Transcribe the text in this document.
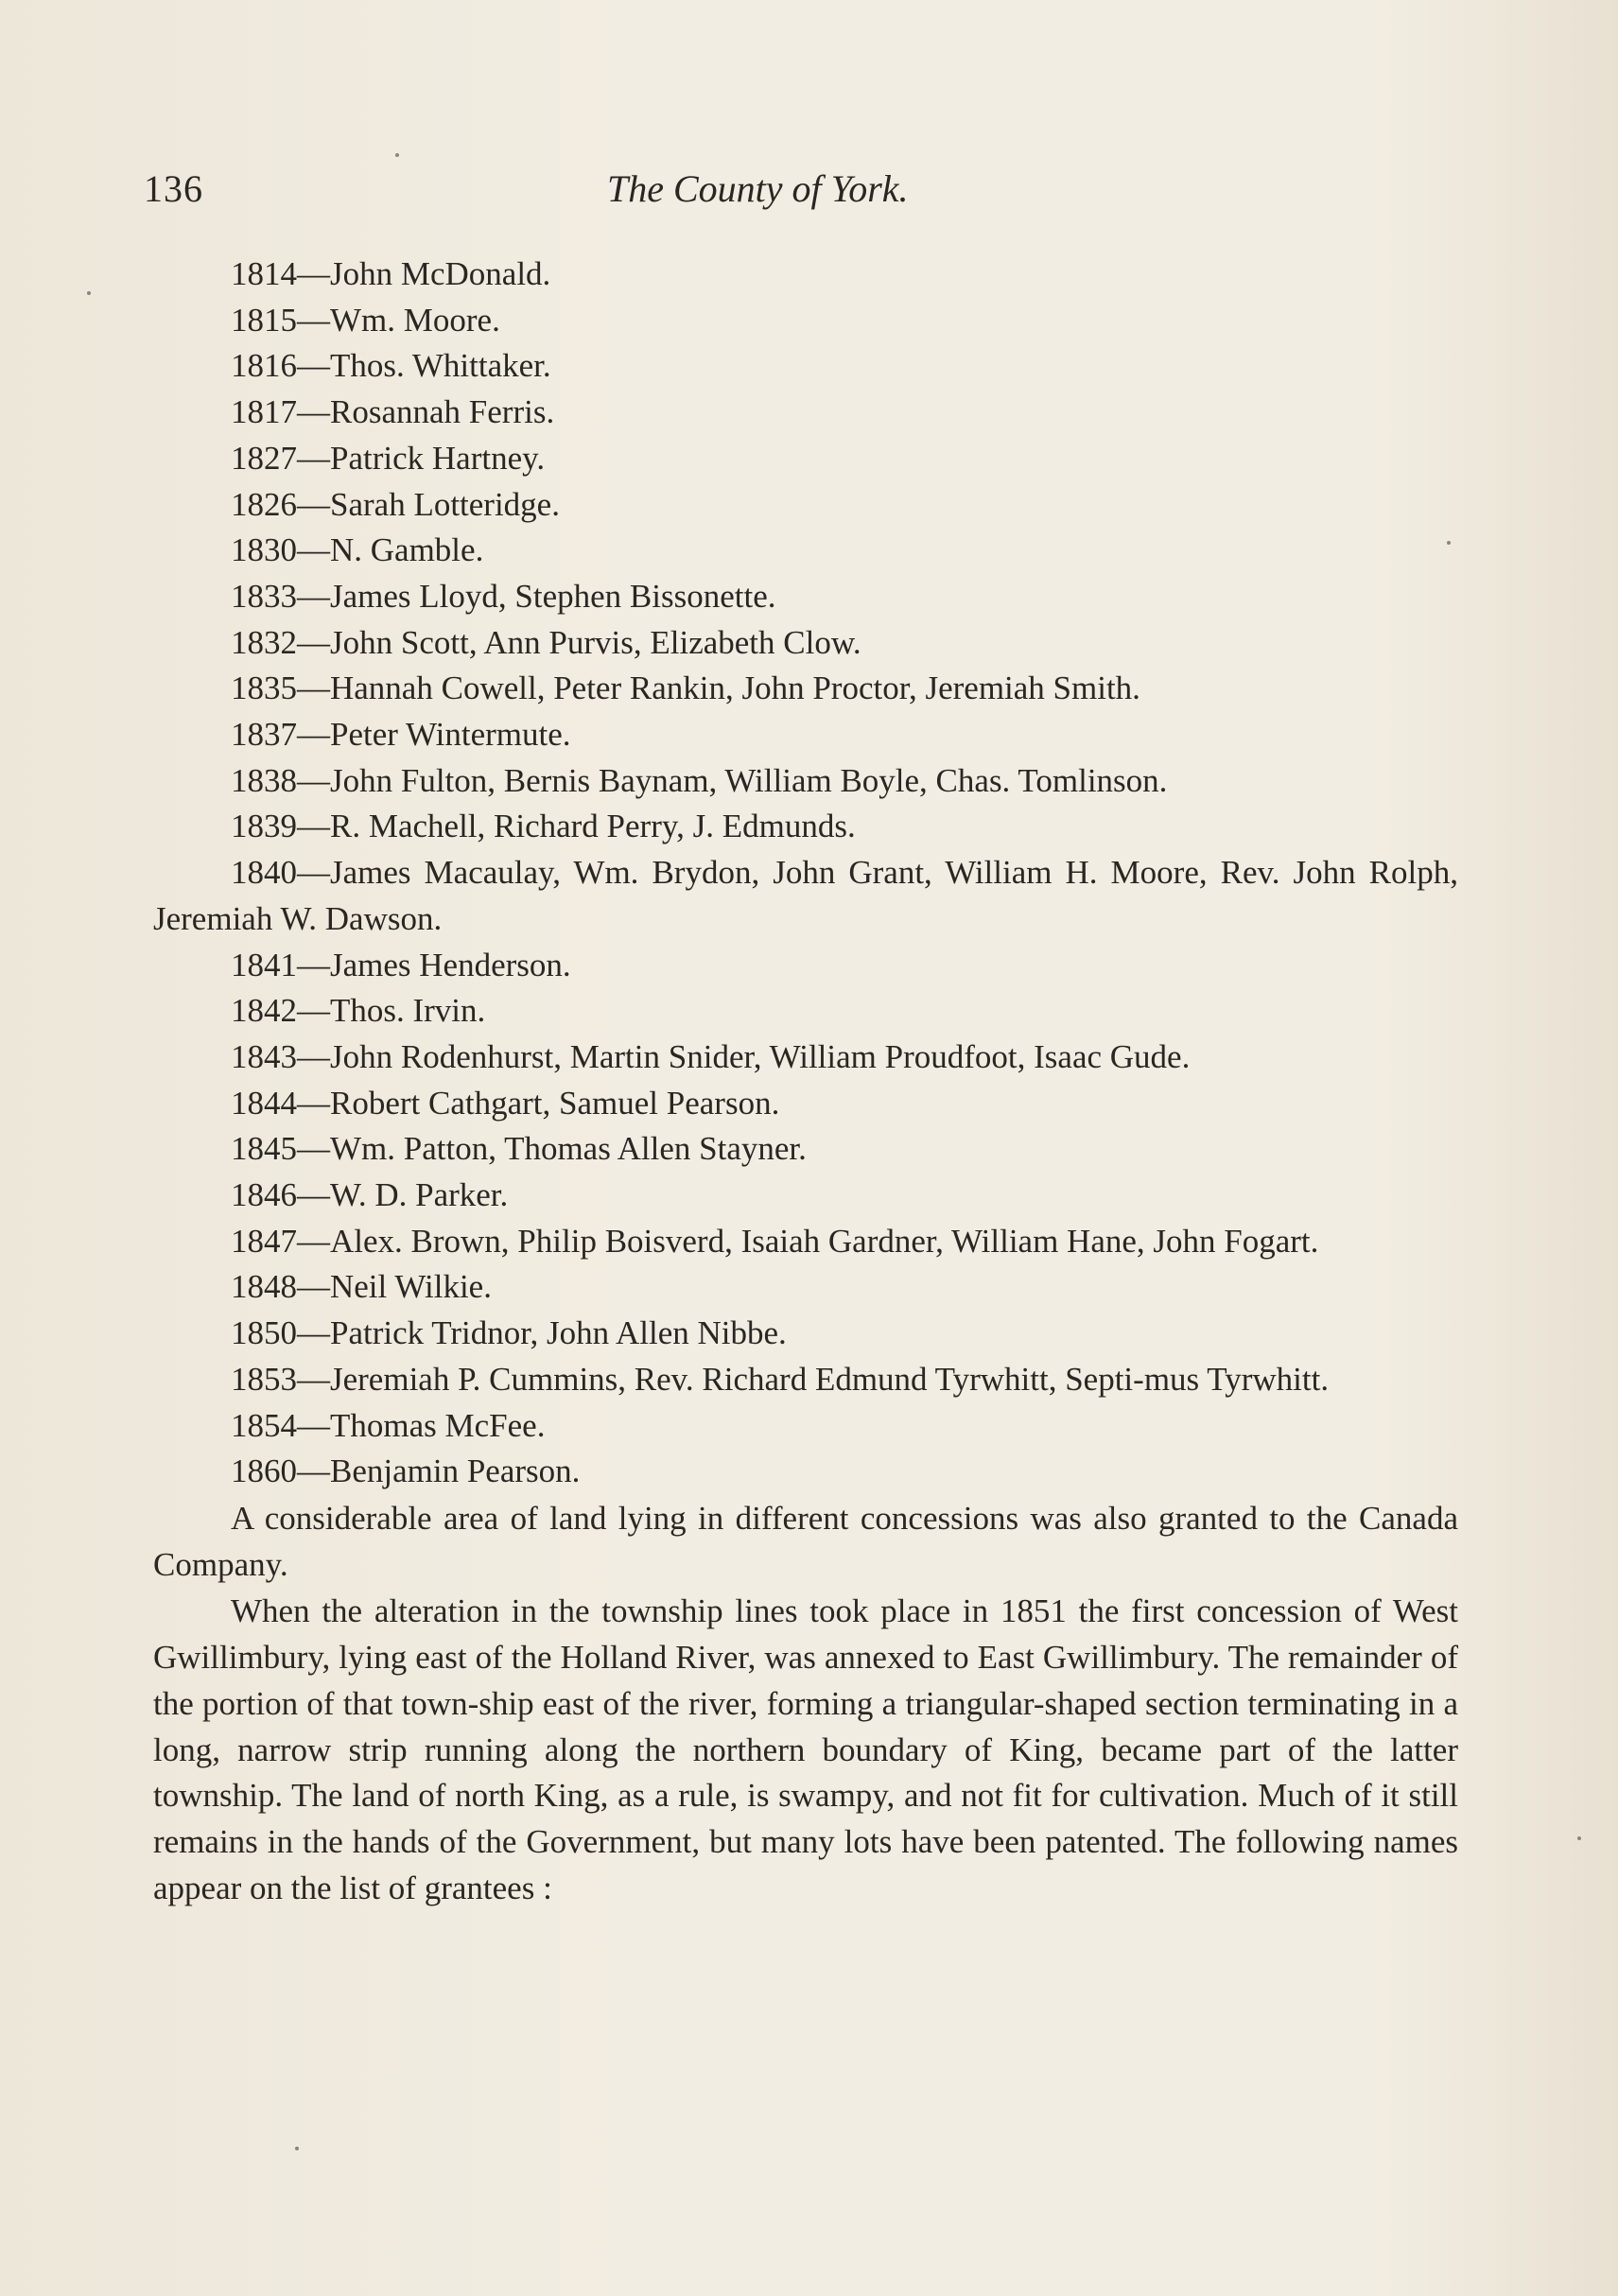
136	The County of York.

1814—John McDonald.

1815—Wm. Moore.

1816—Thos. Whittaker.

1817—Rosannah Ferris.

1827—Patrick Hartney.

1826—Sarah Lotteridge.

1830—N. Gamble.

1833—James Lloyd, Stephen Bissonette.

1832—John Scott, Ann Purvis, Elizabeth Clow.

1835—Hannah Cowell, Peter Rankin, John Proctor, Jeremiah Smith.

1837—Peter Wintermute.

1838—John Fulton, Bernis Baynam, William Boyle, Chas. Tomlinson.

1839—R. Machell, Richard Perry, J. Edmunds.

1840—James Macaulay, Wm. Brydon, John Grant, William H. Moore, Rev. John Rolph, Jeremiah W. Dawson.

1841—James Henderson.

1842—Thos. Irvin.

1843—John Rodenhurst, Martin Snider, William Proudfoot, Isaac Gude.

1844—Robert Cathgart, Samuel Pearson.

1845—Wm. Patton, Thomas Allen Stayner.

1846—W. D. Parker.

1847—Alex. Brown, Philip Boisverd, Isaiah Gardner, William Hane, John Fogart.

1848—Neil Wilkie.

1850—Patrick Tridnor, John Allen Nibbe.

1853—Jeremiah P. Cummins, Rev. Richard Edmund Tyrwhitt, Septi-mus Tyrwhitt.

1854—Thomas McFee.

1860—Benjamin Pearson.

A considerable area of land lying in different concessions was also granted to the Canada Company.

When the alteration in the township lines took place in 1851 the first concession of West Gwillimbury, lying east of the Holland River, was annexed to East Gwillimbury. The remainder of the portion of that town-ship east of the river, forming a triangular-shaped section terminating in a long, narrow strip running along the northern boundary of King, became part of the latter township. The land of north King, as a rule, is swampy, and not fit for cultivation. Much of it still remains in the hands of the Government, but many lots have been patented. The following names appear on the list of grantees :
